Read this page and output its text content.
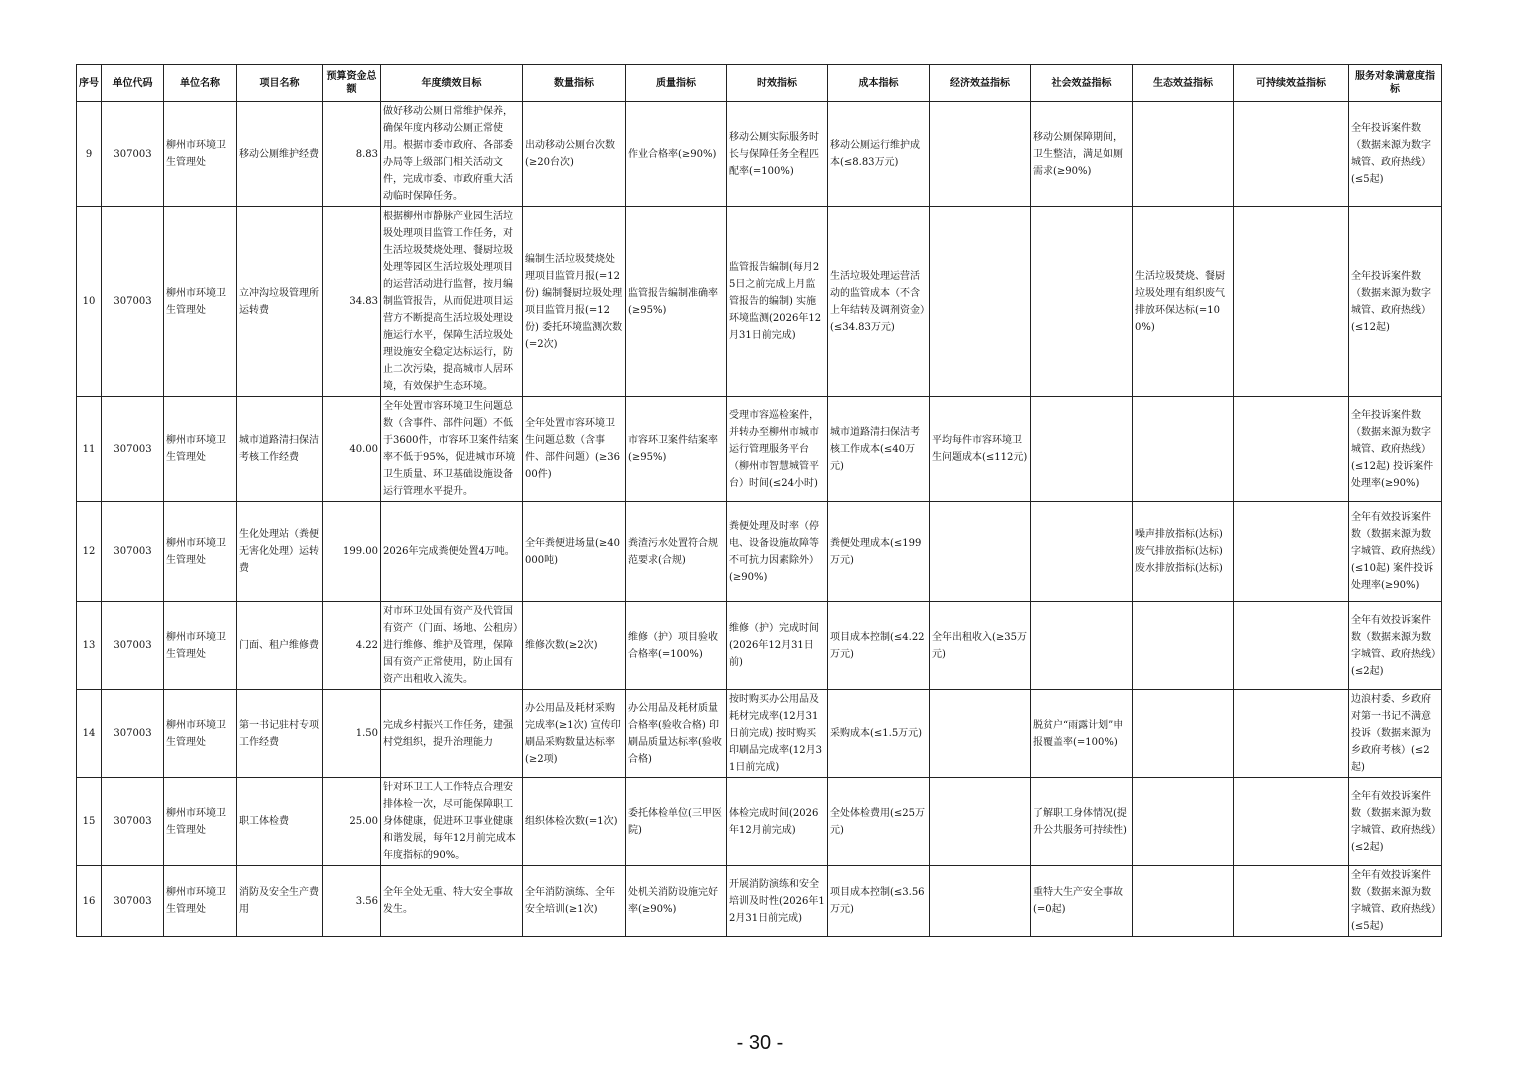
序号	单位代码	单位名称	项目名称	预算资金总额	年度绩效目标	数量指标	质量指标	时效指标	成本指标	经济效益指标	社会效益指标	生态效益指标	可持续效益指标	服务对象满意度指标
9	307003	柳州市环境卫生管理处	移动公厕维护经费	8.83	做好移动公厕日常维护保养，确保年度内移动公厕正常使用。根据市委市政府、各部委办局等上级部门相关活动文件，完成市委、市政府重大活动临时保障任务。	出动移动公厕台次数(≥20台次)	作业合格率(≥90%)	移动公厕实际服务时长与保障任务全程匹配率(=100%)	移动公厕运行维护成本(≤8.83万元)		移动公厕保障期间，卫生整洁，满足如厕需求(≥90%)			全年投诉案件数（数据来源为数字城管、政府热线）(≤5起)
10	307003	柳州市环境卫生管理处	立冲沟垃圾管理所运转费	34.83	根据柳州市静脉产业园生活垃圾处理项目监管工作任务，对生活垃圾焚烧处理、餐厨垃圾处理等园区生活垃圾处理项目的运营活动进行监督，按月编制监管报告，从而促进项目运营方不断提高生活垃圾处理设施运行水平，保障生活垃圾处理设施安全稳定达标运行，防止二次污染，提高城市人居环境，有效保护生态环境。	编制生活垃圾焚烧处理项目监管月报(=12份) 编制餐厨垃圾处理项目监管月报(=12份) 委托环境监测次数(=2次)	监管报告编制准确率(≥95%)	监管报告编制(每月25日之前完成上月监管报告的编制) 实施环境监测(2026年12月31日前完成)	生活垃圾处理运营活动的监管成本（不含上年结转及调剂资金）(≤34.83万元)			生活垃圾焚烧、餐厨垃圾处理有组织废气排放环保达标(=100%)		全年投诉案件数（数据来源为数字城管、政府热线）(≤12起)
11	307003	柳州市环境卫生管理处	城市道路清扫保洁考核工作经费	40.00	全年处置市容环境卫生问题总数（含事件、部件问题）不低于3600件，市容环卫案件结案率不低于95%，促进城市环境卫生质量、环卫基础设施设备运行管理水平提升。	全年处置市容环境卫生问题总数（含事件、部件问题）(≥3600件)	市容环卫案件结案率(≥95%)	受理市容巡检案件，并转办至柳州市城市运行管理服务平台（柳州市智慧城管平台）时间(≤24小时)	城市道路清扫保洁考核工作成本(≤40万元)	平均每件市容环境卫生问题成本(≤112元)				全年投诉案件数（数据来源为数字城管、政府热线）(≤12起) 投诉案件处理率(≥90%)
12	307003	柳州市环境卫生管理处	生化处理站（粪便无害化处理）运转费	199.00	2026年完成粪便处置4万吨。	全年粪便进场量(≥40000吨)	粪渣污水处置符合规范要求(合规)	粪便处理及时率（停电、设备设施故障等不可抗力因素除外）(≥90%)	粪便处理成本(≤199万元)			噪声排放指标(达标) 废气排放指标(达标) 废水排放指标(达标)		全年有效投诉案件数（数据来源为数字城管、政府热线）(≤10起) 案件投诉处理率(≥90%)
13	307003	柳州市环境卫生管理处	门面、租户维修费	4.22	对市环卫处国有资产及代管国有资产（门面、场地、公租房）进行维修、维护及管理，保障国有资产正常使用，防止国有资产出租收入流失。	维修次数(≥2次)	维修（护）项目验收合格率(=100%)	维修（护）完成时间(2026年12月31日前)	项目成本控制(≤4.22万元)	全年出租收入(≥35万元)				全年有效投诉案件数（数据来源为数字城管、政府热线）(≤2起)
14	307003	柳州市环境卫生管理处	第一书记驻村专项工作经费	1.50	完成乡村振兴工作任务，建强村党组织，提升治理能力	办公用品及耗材采购完成率(≥1次) 宣传印刷品采购数量达标率(≥2项)	办公用品及耗材质量合格率(验收合格) 印刷品质量达标率(验收合格)	按时购买办公用品及耗材完成率(12月31日前完成) 按时购买印刷品完成率(12月31日前完成)	采购成本(≤1.5万元)		脱贫户“雨露计划”申报覆盖率(=100%)			边浪村委、乡政府对第一书记不满意投诉（数据来源为乡政府考核）(≤2起)
15	307003	柳州市环境卫生管理处	职工体检费	25.00	针对环卫工人工作特点合理安排体检一次，尽可能保障职工身体健康，促进环卫事业健康和谐发展，每年12月前完成本年度指标的90%。	组织体检次数(=1次)	委托体检单位(三甲医院)	体检完成时间(2026年12月前完成)	全处体检费用(≤25万元)		了解职工身体情况(提升公共服务可持续性)			全年有效投诉案件数（数据来源为数字城管、政府热线）(≤2起)
16	307003	柳州市环境卫生管理处	消防及安全生产费用	3.56	全年全处无重、特大安全事故发生。	全年消防演练、全年安全培训(≥1次)	处机关消防设施完好率(≥90%)	开展消防演练和安全培训及时性(2026年12月31日前完成)	项目成本控制(≤3.56万元)		重特大生产安全事故(=0起)			全年有效投诉案件数（数据来源为数字城管、政府热线）(≤5起)
- 30 -
